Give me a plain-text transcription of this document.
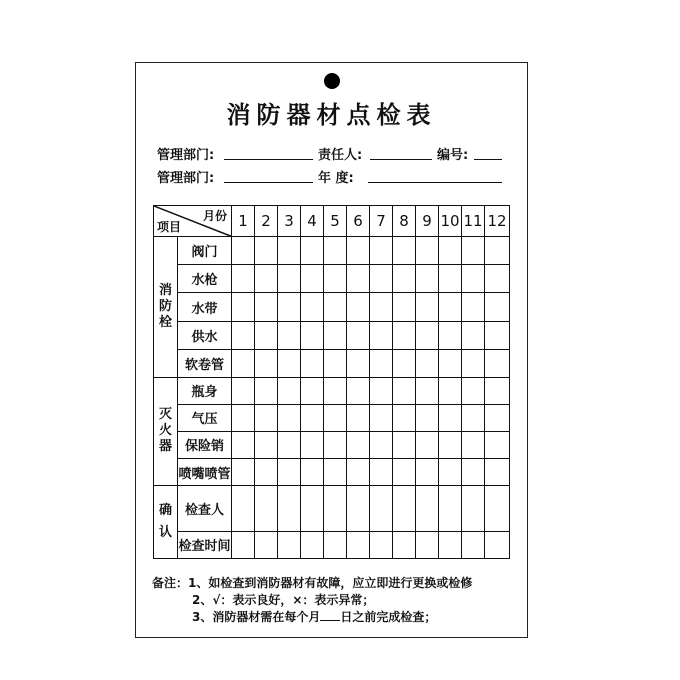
消防器材点检表
管理部门:	责任人:	编号:
管理部门:	年 度:
月份
项目		1	2	3	4	5	6	7	8	9	10	11	12
消
防
栓	阀门												
	水枪												
	水带												
	供水												
	软卷管												
灭
火
器	瓶身												
	气压												
	保险销												
	喷嘴喷管												
确
认	检查人												
	检查时间												
备注：1、如检查到消防器材有故障，应立即进行更换或检修
2、√：表示良好，×：表示异常；
3、消防器材需在每个月 日之前完成检查；
